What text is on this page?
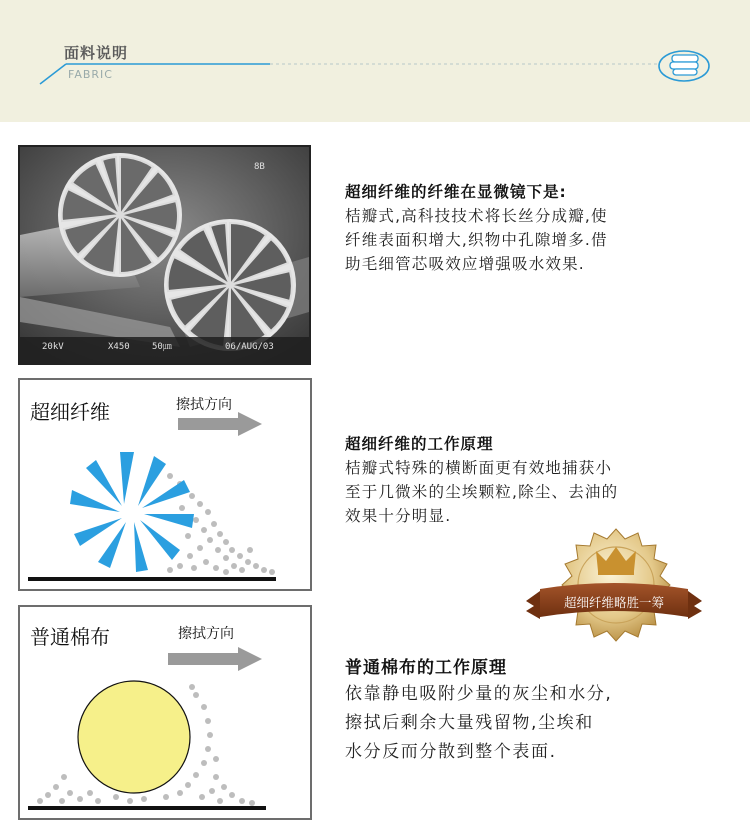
面料说明
FABRIC
20kV	X450 50㎛	06/AUG/03
8B
超细纤维	擦拭方向
普通棉布	擦拭方向

超细纤维的纤维在显微镜下是:

桔瓣式,高科技技术将长丝分成瓣,使
纤维表面积增大,织物中孔隙增多.借
助毛细管芯吸效应增强吸水效果.

超细纤维的工作原理

桔瓣式特殊的横断面更有效地捕获小
至于几微米的尘埃颗粒,除尘、去油的
效果十分明显.

普通棉布的工作原理

依靠静电吸附少量的灰尘和水分,
擦拭后剩余大量残留物,尘埃和
水分反而分散到整个表面.

超细纤维略胜一筹
